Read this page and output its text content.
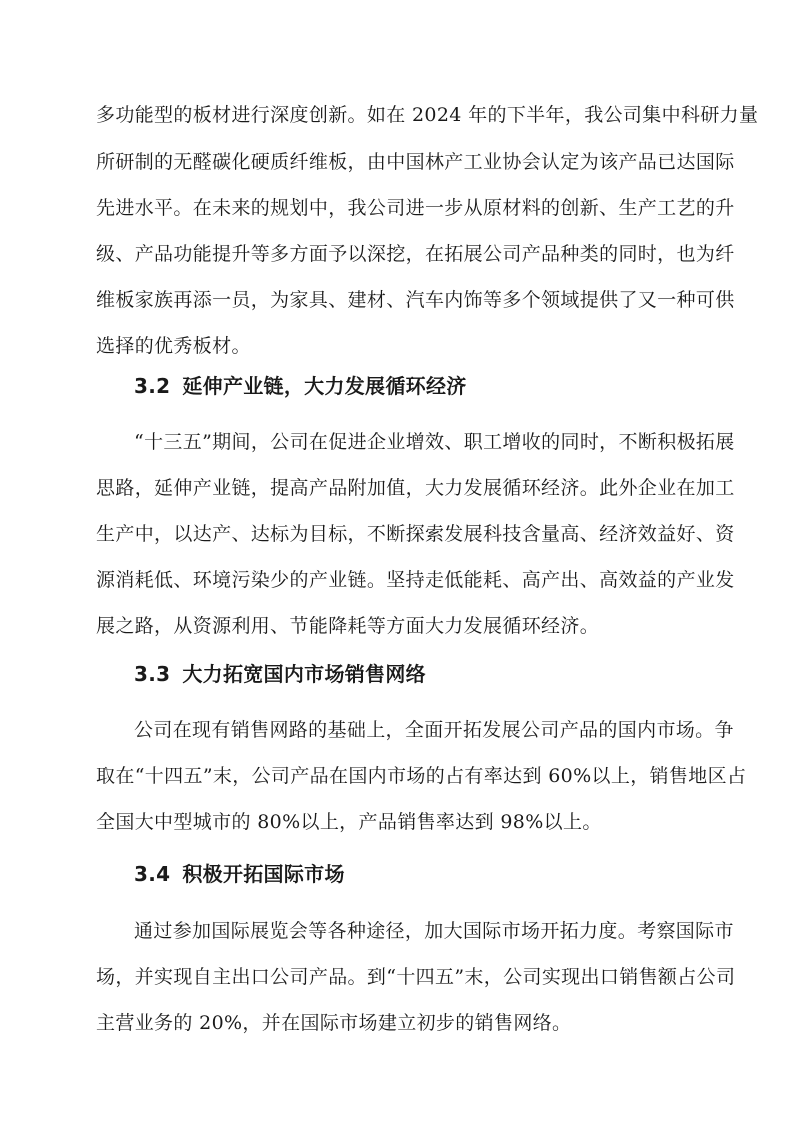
多功能型的板材进行深度创新。如在 2024 年的下半年，我公司集中科研力量
所研制的无醛碳化硬质纤维板，由中国林产工业协会认定为该产品已达国际
先进水平。在未来的规划中，我公司进一步从原材料的创新、生产工艺的升
级、产品功能提升等多方面予以深挖，在拓展公司产品种类的同时，也为纤
维板家族再添一员，为家具、建材、汽车内饰等多个领域提供了又一种可供
选择的优秀板材。
3.2 延伸产业链，大力发展循环经济
“十三五”期间，公司在促进企业增效、职工增收的同时，不断积极拓展
思路，延伸产业链，提高产品附加值，大力发展循环经济。此外企业在加工
生产中，以达产、达标为目标，不断探索发展科技含量高、经济效益好、资
源消耗低、环境污染少的产业链。坚持走低能耗、高产出、高效益的产业发
展之路，从资源利用、节能降耗等方面大力发展循环经济。
3.3 大力拓宽国内市场销售网络
公司在现有销售网路的基础上，全面开拓发展公司产品的国内市场。争
取在“十四五”末，公司产品在国内市场的占有率达到 60%以上，销售地区占
全国大中型城市的 80%以上，产品销售率达到 98%以上。
3.4 积极开拓国际市场
通过参加国际展览会等各种途径，加大国际市场开拓力度。考察国际市
场，并实现自主出口公司产品。到“十四五”末，公司实现出口销售额占公司
主营业务的 20%，并在国际市场建立初步的销售网络。
